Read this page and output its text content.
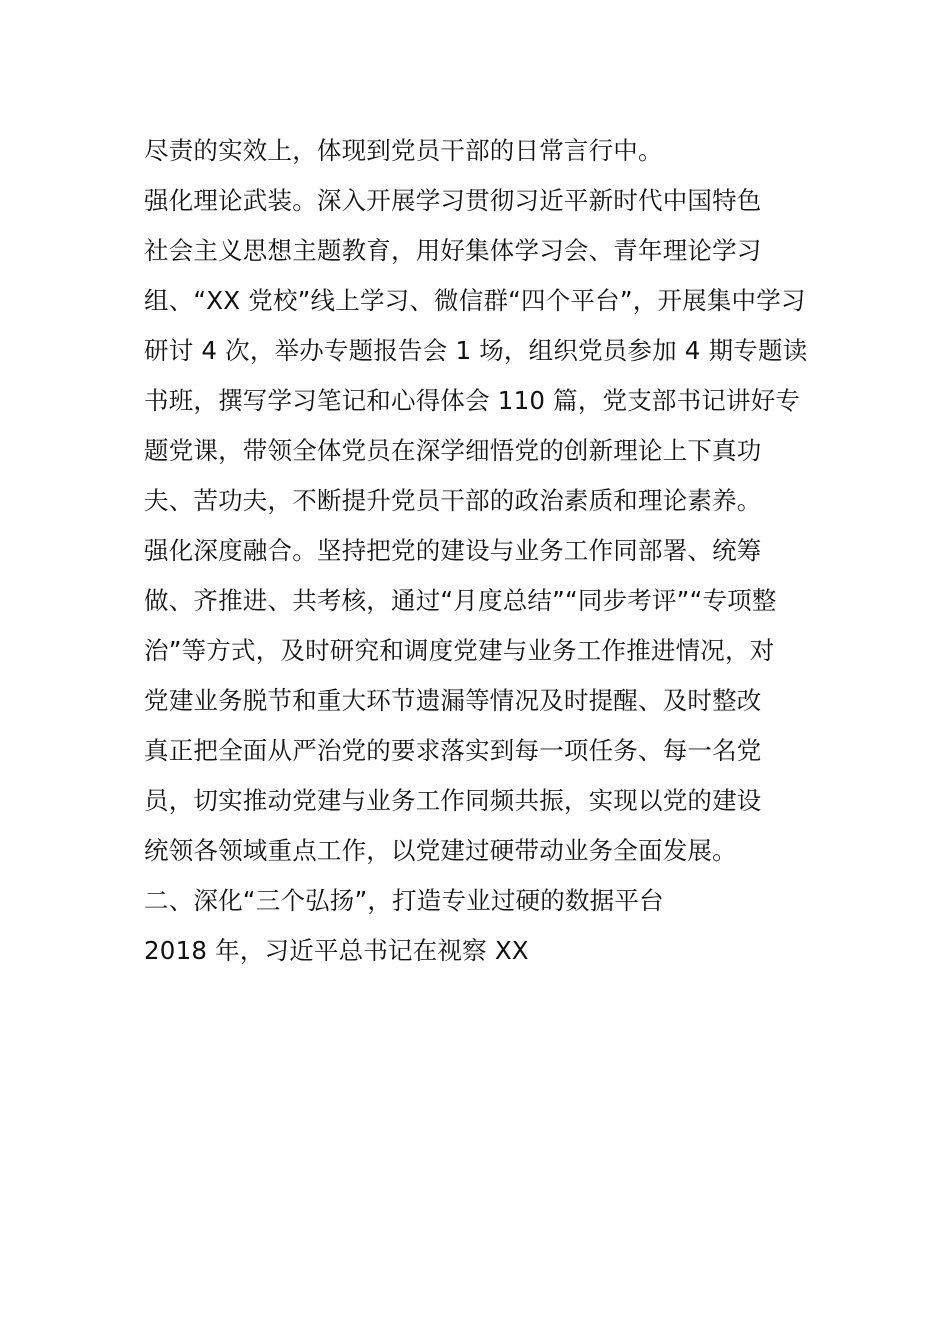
尽责的实效上，体现到党员干部的日常言行中。
强化理论武装。深入开展学习贯彻习近平新时代中国特色
社会主义思想主题教育，用好集体学习会、青年理论学习
组、“XX 党校”线上学习、微信群“四个平台”，开展集中学习
研讨 4 次，举办专题报告会 1 场，组织党员参加 4 期专题读
书班，撰写学习笔记和心得体会 110 篇，党支部书记讲好专
题党课，带领全体党员在深学细悟党的创新理论上下真功
夫、苦功夫，不断提升党员干部的政治素质和理论素养。
强化深度融合。坚持把党的建设与业务工作同部署、统筹
做、齐推进、共考核，通过“月度总结”“同步考评”“专项整
治”等方式，及时研究和调度党建与业务工作推进情况，对
党建业务脱节和重大环节遗漏等情况及时提醒、及时整改
真正把全面从严治党的要求落实到每一项任务、每一名党
员，切实推动党建与业务工作同频共振，实现以党的建设
统领各领域重点工作，以党建过硬带动业务全面发展。
二、深化“三个弘扬”，打造专业过硬的数据平台
2018 年，习近平总书记在视察 XX
